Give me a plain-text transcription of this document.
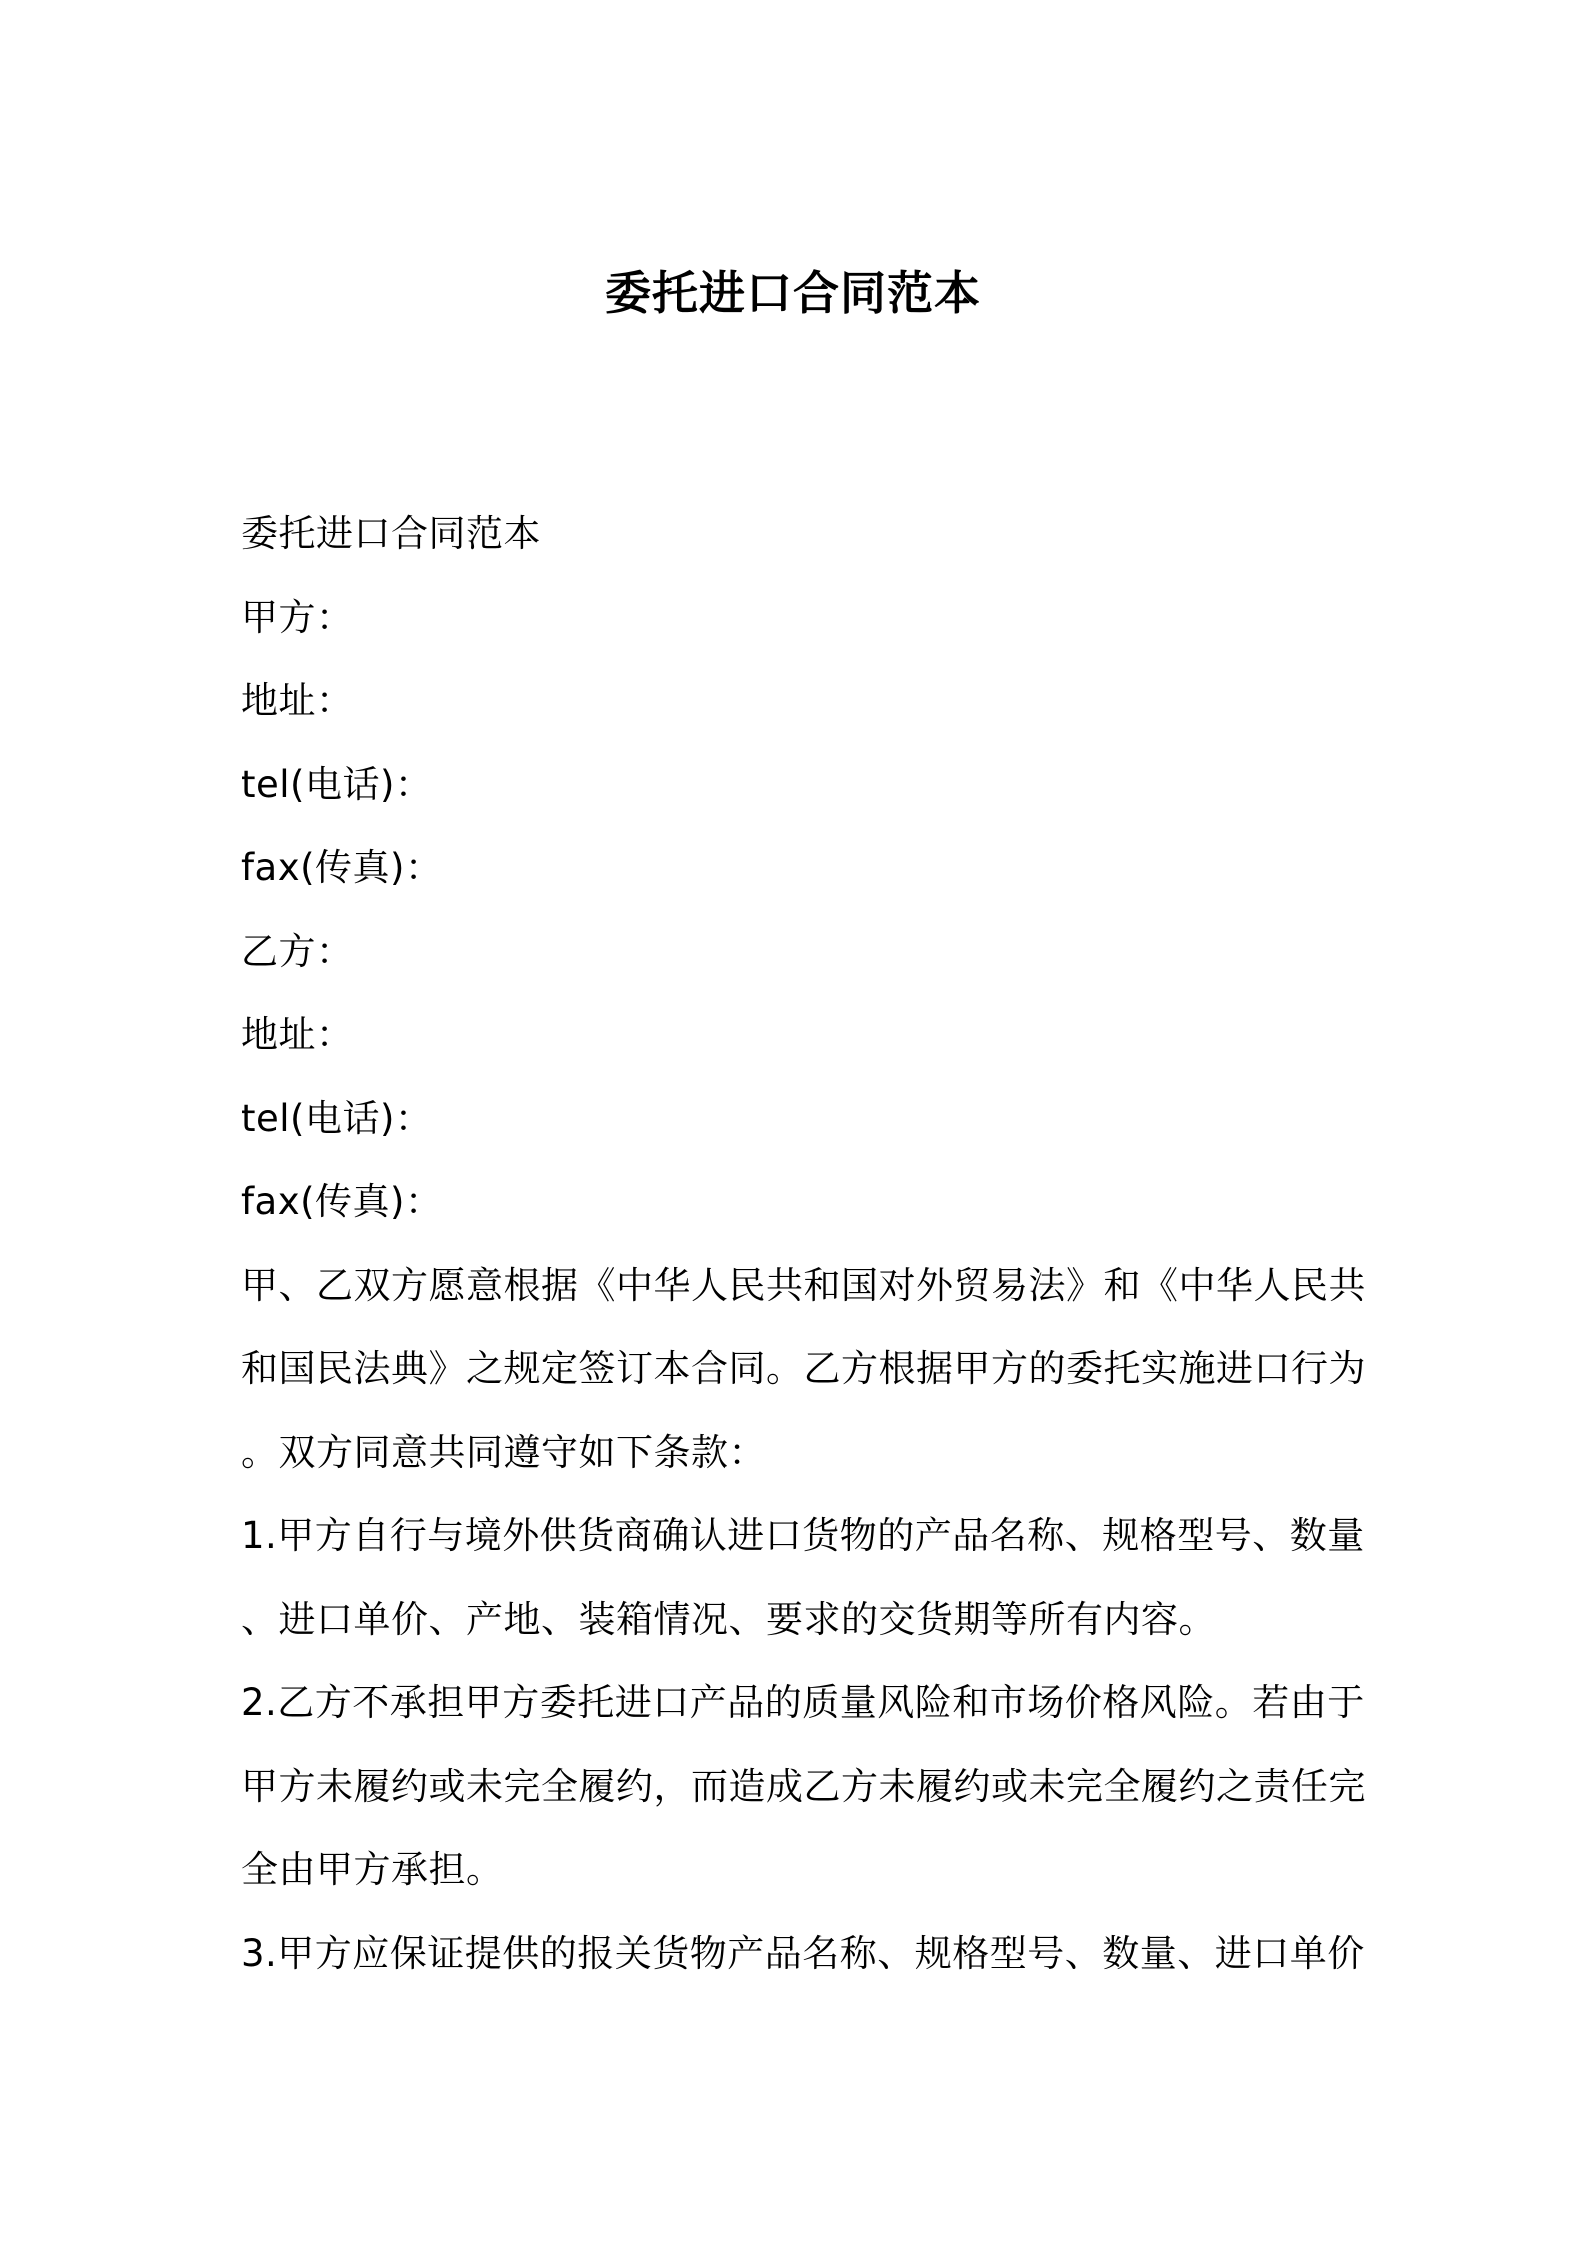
委托进口合同范本
委托进口合同范本
甲方：
地址：
tel(电话)：
fax(传真)：
乙方：
地址：
tel(电话)：
fax(传真)：
甲、乙双方愿意根据《中华人民共和国对外贸易法》和《中华人民共
和国民法典》之规定签订本合同。乙方根据甲方的委托实施进口行为
。双方同意共同遵守如下条款：
1.甲方自行与境外供货商确认进口货物的产品名称、规格型号、数量
、进口单价、产地、装箱情况、要求的交货期等所有内容。
2.乙方不承担甲方委托进口产品的质量风险和市场价格风险。若由于
甲方未履约或未完全履约，而造成乙方未履约或未完全履约之责任完
全由甲方承担。
3.甲方应保证提供的报关货物产品名称、规格型号、数量、进口单价
